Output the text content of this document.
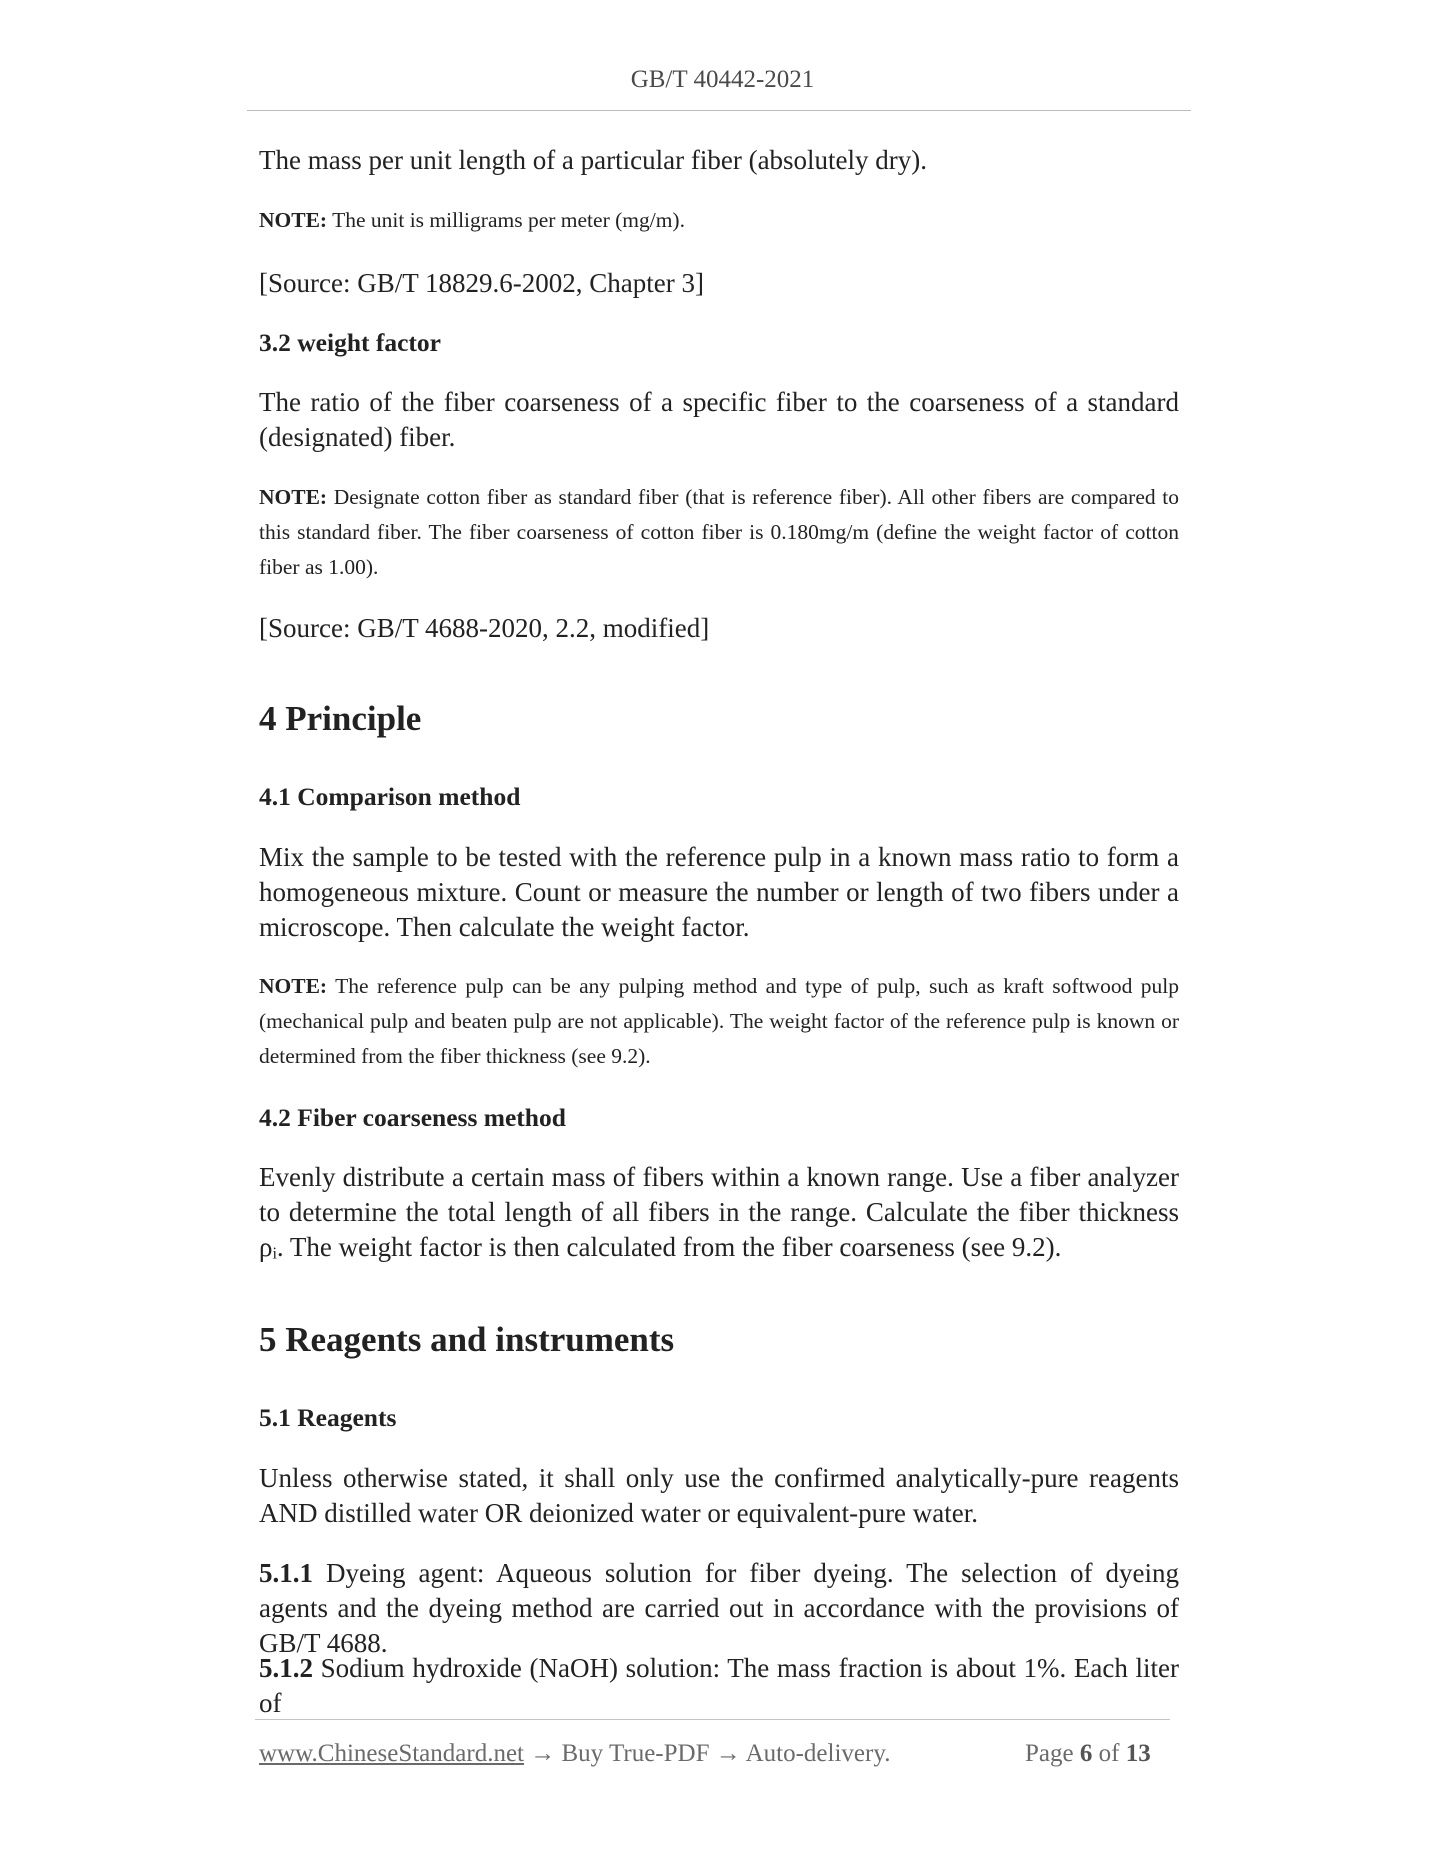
GB/T 40442-2021

The mass per unit length of a particular fiber (absolutely dry).

NOTE: The unit is milligrams per meter (mg/m).

[Source: GB/T 18829.6-2002, Chapter 3]

3.2 weight factor

The ratio of the fiber coarseness of a specific fiber to the coarseness of a standard (designated) fiber.

NOTE: Designate cotton fiber as standard fiber (that is reference fiber). All other fibers are compared to this standard fiber. The fiber coarseness of cotton fiber is 0.180mg/m (define the weight factor of cotton fiber as 1.00).

[Source: GB/T 4688-2020, 2.2, modified]

4 Principle

4.1 Comparison method

Mix the sample to be tested with the reference pulp in a known mass ratio to form a homogeneous mixture. Count or measure the number or length of two fibers under a microscope. Then calculate the weight factor.

NOTE: The reference pulp can be any pulping method and type of pulp, such as kraft softwood pulp (mechanical pulp and beaten pulp are not applicable). The weight factor of the reference pulp is known or determined from the fiber thickness (see 9.2).

4.2 Fiber coarseness method

Evenly distribute a certain mass of fibers within a known range. Use a fiber analyzer to determine the total length of all fibers in the range. Calculate the fiber thickness ρᵢ. The weight factor is then calculated from the fiber coarseness (see 9.2).

5 Reagents and instruments

5.1 Reagents

Unless otherwise stated, it shall only use the confirmed analytically-pure reagents AND distilled water OR deionized water or equivalent-pure water.

5.1.1 Dyeing agent: Aqueous solution for fiber dyeing. The selection of dyeing agents and the dyeing method are carried out in accordance with the provisions of GB/T 4688.

5.1.2 Sodium hydroxide (NaOH) solution: The mass fraction is about 1%. Each liter of

www.ChineseStandard.net → Buy True-PDF → Auto-delivery.	Page 6 of 13
